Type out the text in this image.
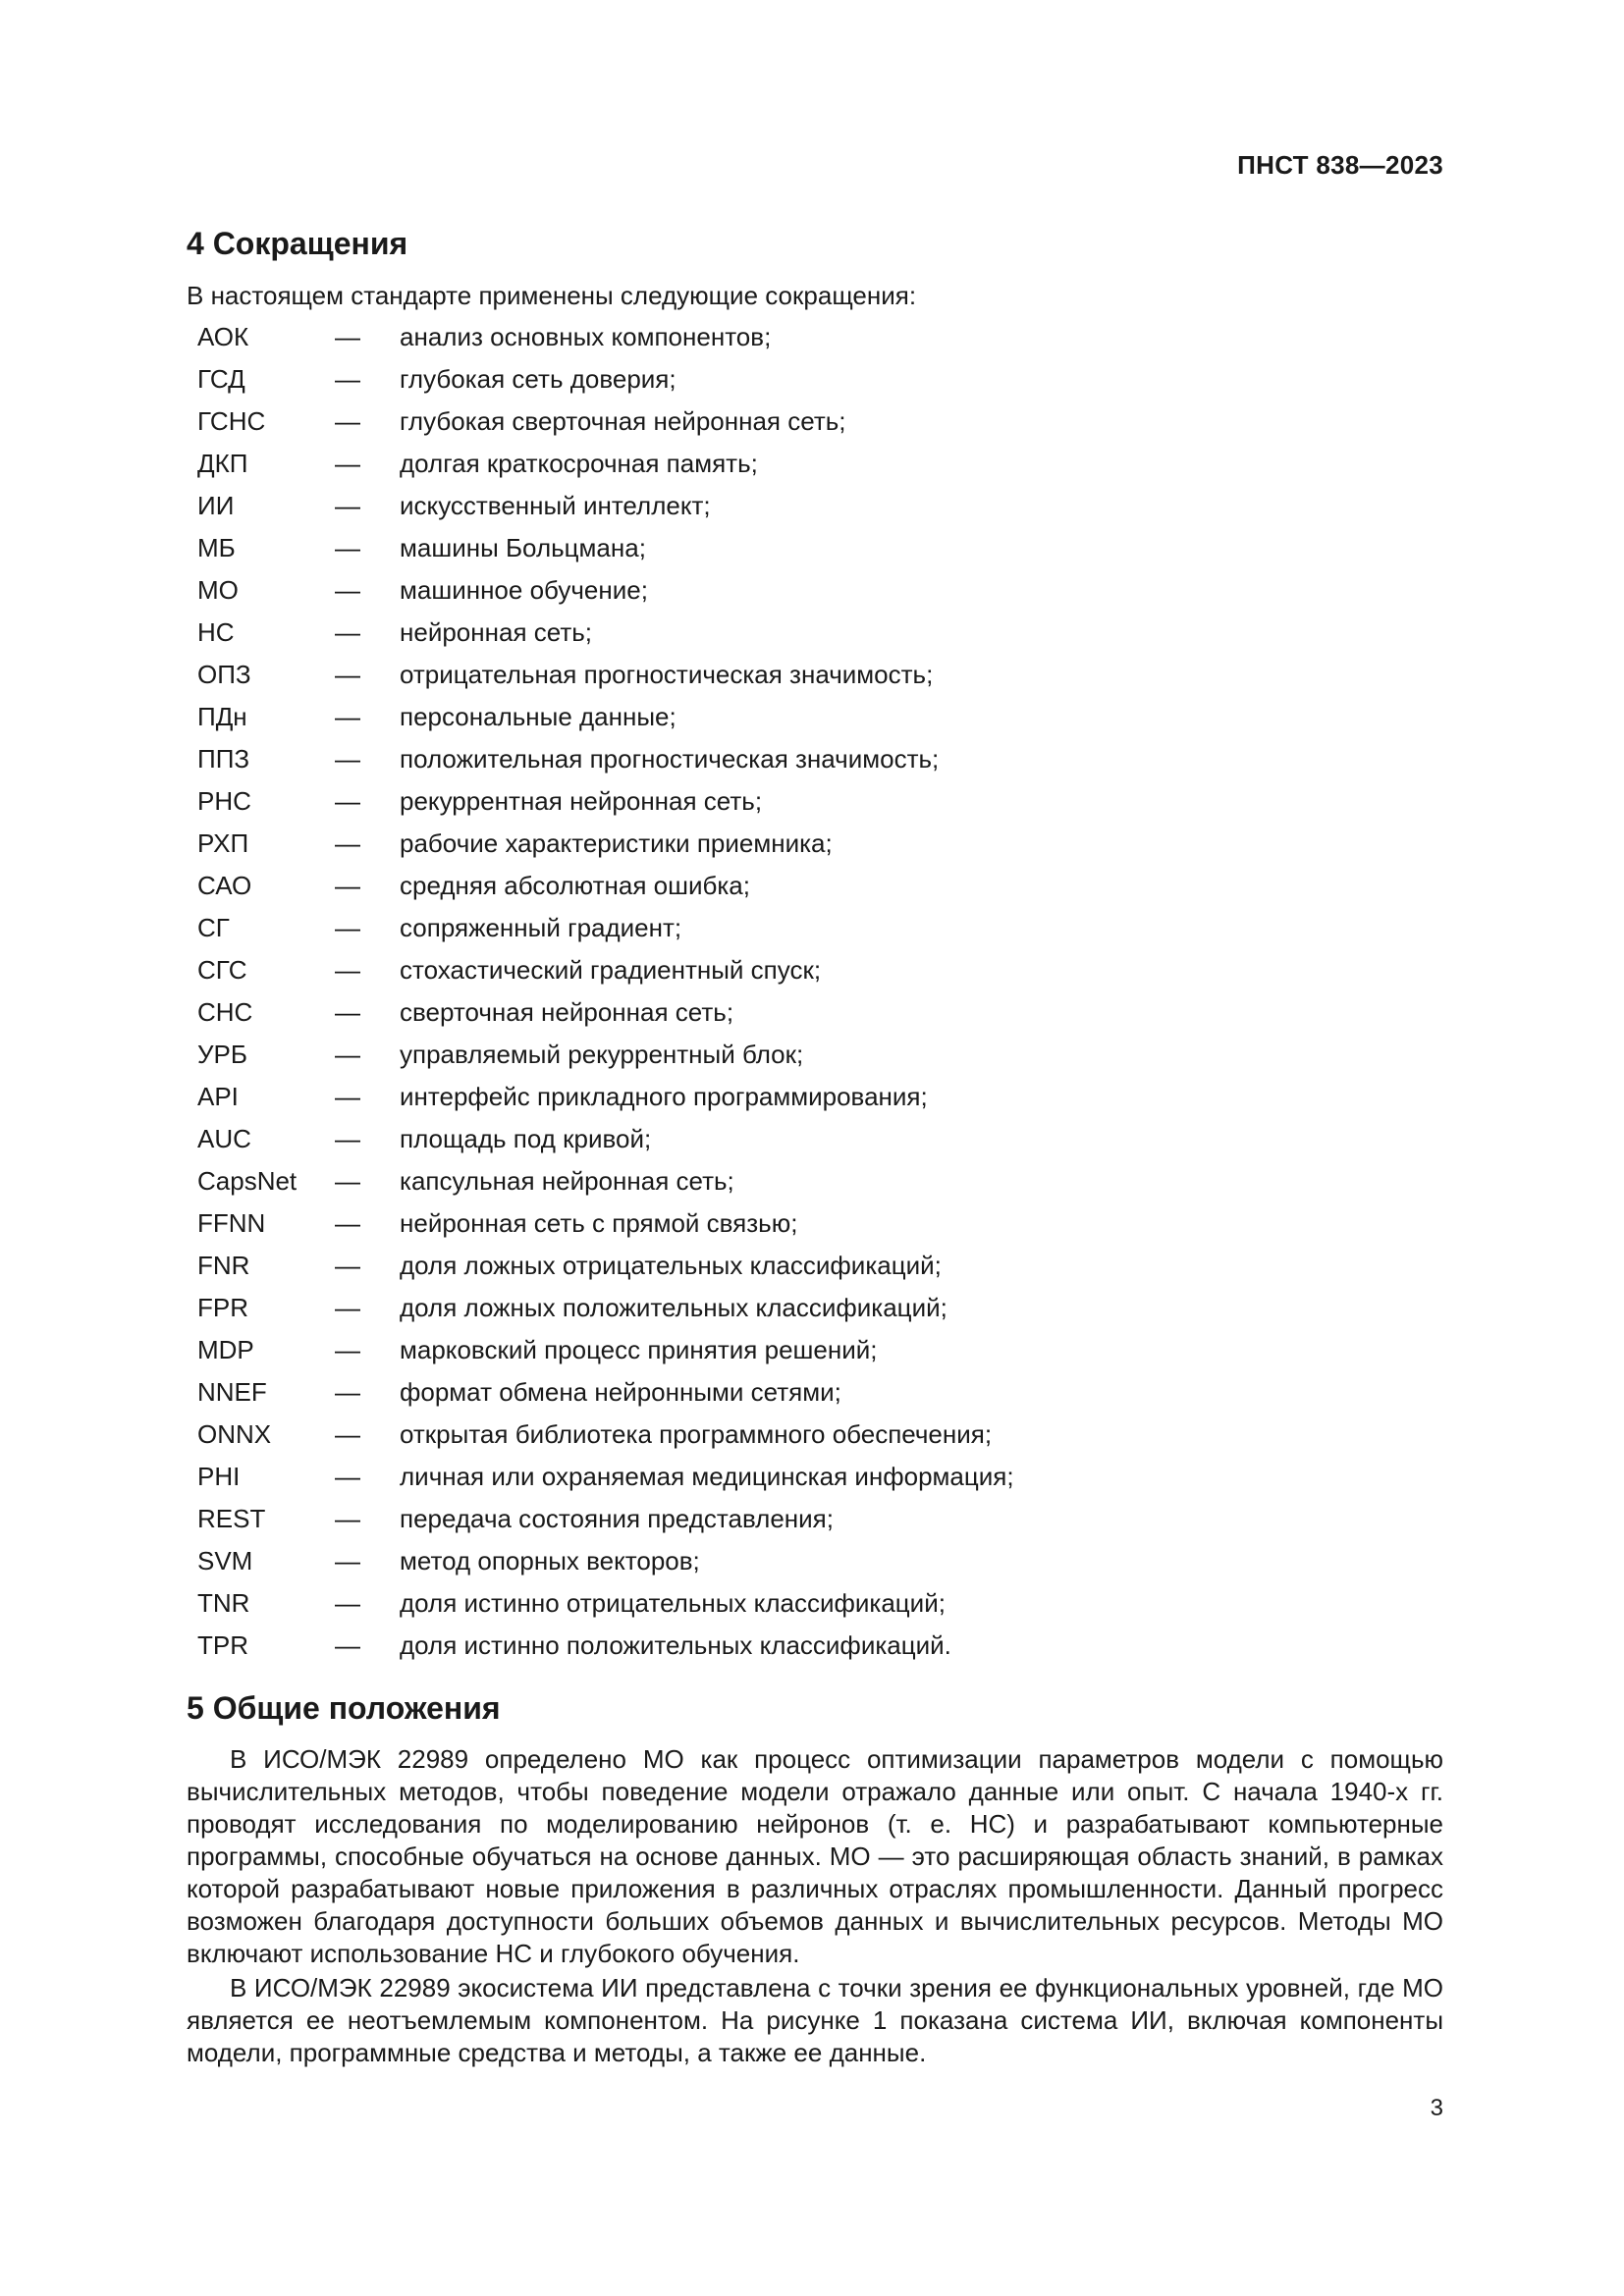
ПНСТ 838—2023
4 Сокращения
В настоящем стандарте применены следующие сокращения:
АОК	— анализ основных компонентов;
ГСД	— глубокая сеть доверия;
ГСНС	— глубокая сверточная нейронная сеть;
ДКП	— долгая краткосрочная память;
ИИ	— искусственный интеллект;
МБ	— машины Больцмана;
МО	— машинное обучение;
НС	— нейронная сеть;
ОПЗ	— отрицательная прогностическая значимость;
ПДн	— персональные данные;
ППЗ	— положительная прогностическая значимость;
РНС	— рекуррентная нейронная сеть;
РХП	— рабочие характеристики приемника;
САО	— средняя абсолютная ошибка;
СГ	— сопряженный градиент;
СГС	— стохастический градиентный спуск;
СНС	— сверточная нейронная сеть;
УРБ	— управляемый рекуррентный блок;
API	— интерфейс прикладного программирования;
AUC	— площадь под кривой;
CapsNet — капсульная нейронная сеть;
FFNN	— нейронная сеть с прямой связью;
FNR	— доля ложных отрицательных классификаций;
FPR	— доля ложных положительных классификаций;
MDP	— марковский процесс принятия решений;
NNEF	— формат обмена нейронными сетями;
ONNX — открытая библиотека программного обеспечения;
PHI	— личная или охраняемая медицинская информация;
REST	— передача состояния представления;
SVM	— метод опорных векторов;
TNR	— доля истинно отрицательных классификаций;
TPR	— доля истинно положительных классификаций.
5 Общие положения

В ИСО/МЭК 22989 определено МО как процесс оптимизации параметров модели с помощью вычислительных методов, чтобы поведение модели отражало данные или опыт. С начала 1940-х гг. проводят исследования по моделированию нейронов (т. е. НС) и разрабатывают компьютерные программы, способные обучаться на основе данных. МО — это расширяющая область знаний, в рамках которой разрабатывают новые приложения в различных отраслях промышленности. Данный прогресс возможен благодаря доступности больших объемов данных и вычислительных ресурсов. Методы МО включают использование НС и глубокого обучения.

В ИСО/МЭК 22989 экосистема ИИ представлена с точки зрения ее функциональных уровней, где МО является ее неотъемлемым компонентом. На рисунке 1 показана система ИИ, включая компоненты модели, программные средства и методы, а также ее данные.

3
